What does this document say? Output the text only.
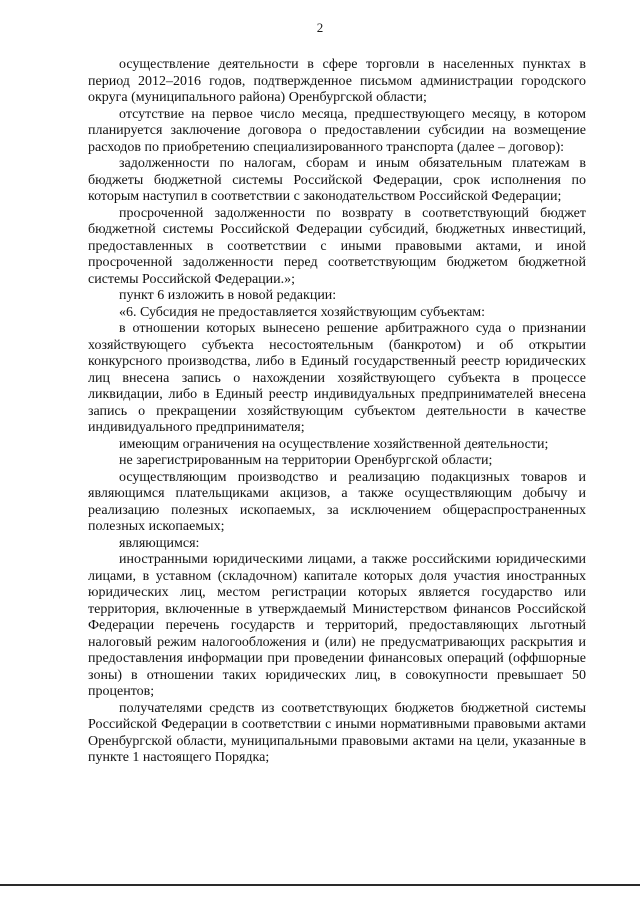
2

осуществление деятельности в сфере торговли в населенных пунктах в период 2012–2016 годов, подтвержденное письмом администрации городского округа (муниципального района) Оренбургской области;

отсутствие на первое число месяца, предшествующего месяцу, в котором планируется заключение договора о предоставлении субсидии на возмещение расходов по приобретению специализированного транспорта (далее – договор):

задолженности по налогам, сборам и иным обязательным платежам в бюджеты бюджетной системы Российской Федерации, срок исполнения по которым наступил в соответствии с законодательством Российской Федерации;

просроченной задолженности по возврату в соответствующий бюджет бюджетной системы Российской Федерации субсидий, бюджетных инвестиций, предоставленных в соответствии с иными правовыми актами, и иной просроченной задолженности перед соответствующим бюджетом бюджетной системы Российской Федерации.»;

пункт 6 изложить в новой редакции:

«6. Субсидия не предоставляется хозяйствующим субъектам:

в отношении которых вынесено решение арбитражного суда о признании хозяйствующего субъекта несостоятельным (банкротом) и об открытии конкурсного производства, либо в Единый государственный реестр юридических лиц внесена запись о нахождении хозяйствующего субъекта в процессе ликвидации, либо в Единый реестр индивидуальных предпринимателей внесена запись о прекращении хозяйствующим субъектом деятельности в качестве индивидуального предпринимателя;

имеющим ограничения на осуществление хозяйственной деятельности;

не зарегистрированным на территории Оренбургской области;

осуществляющим производство и реализацию подакцизных товаров и являющимся плательщиками акцизов, а также осуществляющим добычу и реализацию полезных ископаемых, за исключением общераспространенных полезных ископаемых;

являющимся:

иностранными юридическими лицами, а также российскими юридическими лицами, в уставном (складочном) капитале которых доля участия иностранных юридических лиц, местом регистрации которых является государство или территория, включенные в утверждаемый Министерством финансов Российской Федерации перечень государств и территорий, предоставляющих льготный налоговый режим налогообложения и (или) не предусматривающих раскрытия и предоставления информации при проведении финансовых операций (оффшорные зоны) в отношении таких юридических лиц, в совокупности превышает 50 процентов;

получателями средств из соответствующих бюджетов бюджетной системы Российской Федерации в соответствии с иными нормативными правовыми актами Оренбургской области, муниципальными правовыми актами на цели, указанные в пункте 1 настоящего Порядка;
